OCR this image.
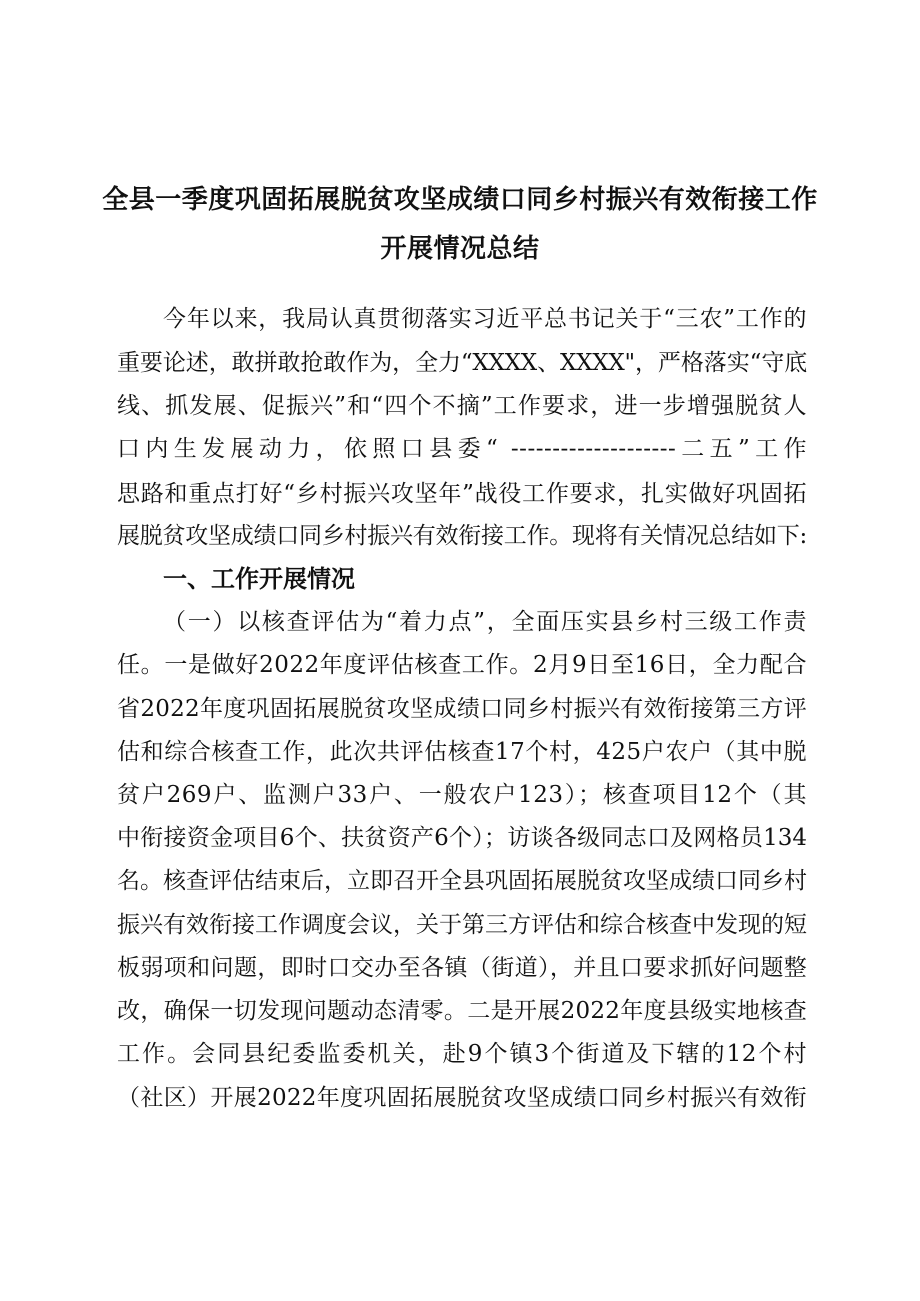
全县一季度巩固拓展脱贫攻坚成绩口同乡村振兴有效衔接工作
开展情况总结
今年以来，我局认真贯彻落实习近平总书记关于“三农”工作的
重要论述，敢拼敢抢敢作为，全力“XXXX、XXXX"，严格落实“守底
线、抓发展、促振兴”和“四个不摘”工作要求，进一步增强脱贫人
口内生发展动力，依照口县委“ --------------------二五”工作
思路和重点打好“乡村振兴攻坚年”战役工作要求，扎实做好巩固拓
展脱贫攻坚成绩口同乡村振兴有效衔接工作。现将有关情况总结如下:
一、工作开展情况
（一）以核查评估为“着力点”，全面压实县乡村三级工作责
任。一是做好2022年度评估核查工作。2月9日至16日，全力配合
省2022年度巩固拓展脱贫攻坚成绩口同乡村振兴有效衔接第三方评
估和综合核查工作，此次共评估核查17个村，425户农户（其中脱
贫户269户、监测户33户、一般农户123）；核查项目12个（其
中衔接资金项目6个、扶贫资产6个）；访谈各级同志口及网格员134
名。核查评估结束后，立即召开全县巩固拓展脱贫攻坚成绩口同乡村
振兴有效衔接工作调度会议，关于第三方评估和综合核查中发现的短
板弱项和问题，即时口交办至各镇（街道），并且口要求抓好问题整
改，确保一切发现问题动态清零。二是开展2022年度县级实地核查
工作。会同县纪委监委机关，赴9个镇3个街道及下辖的12个村
（社区）开展2022年度巩固拓展脱贫攻坚成绩口同乡村振兴有效衔
